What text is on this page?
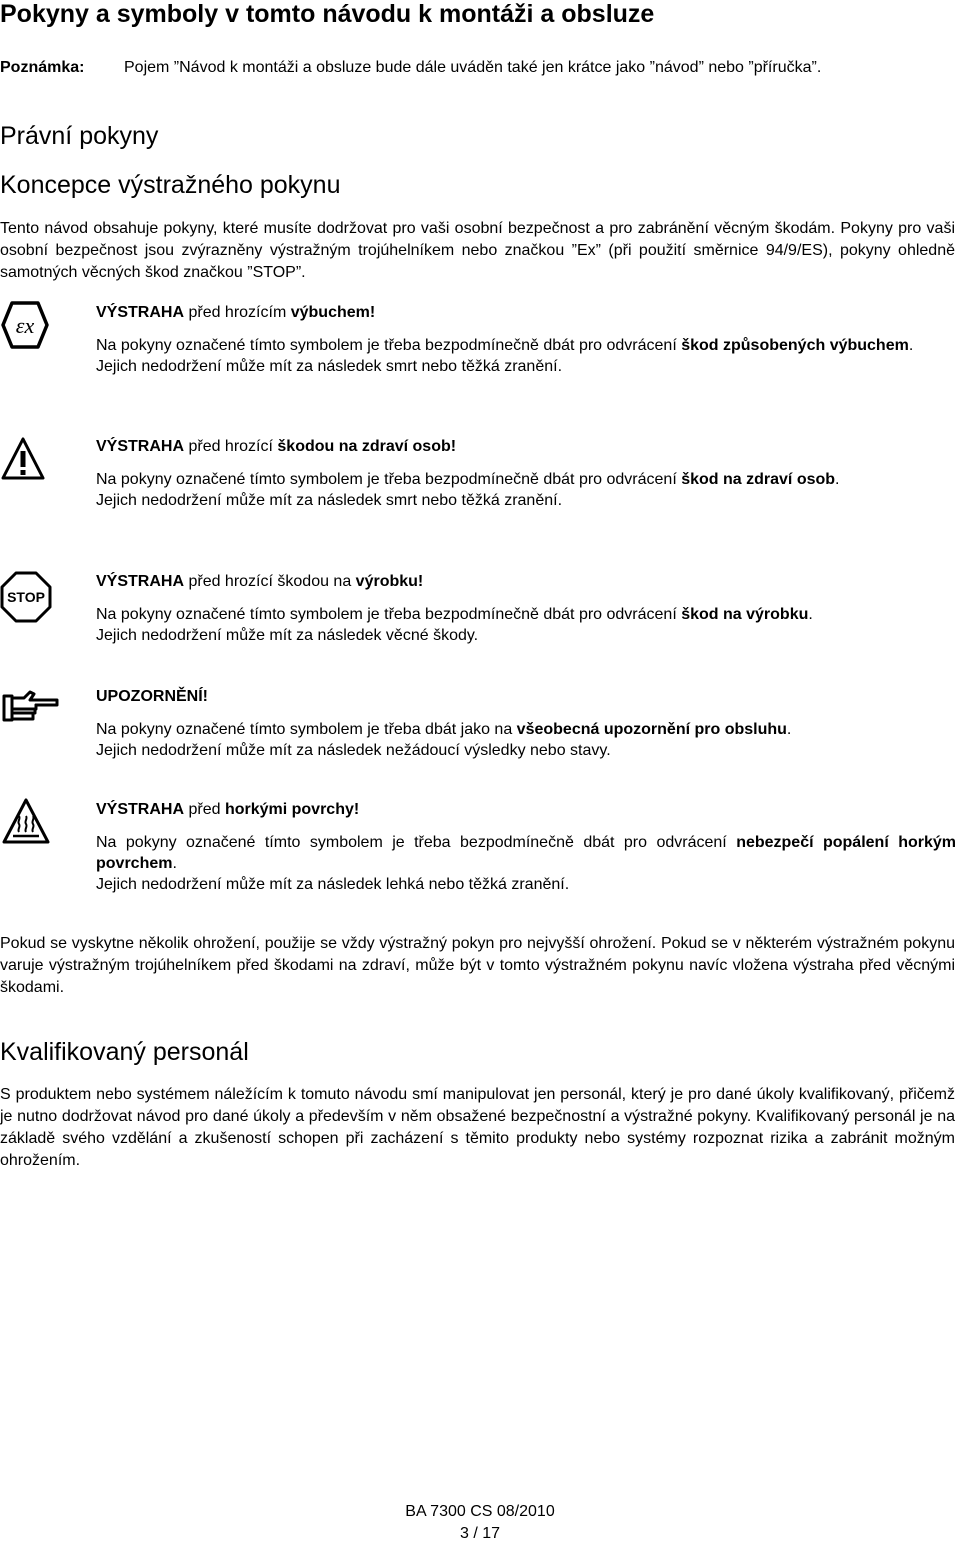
Pokyny a symboly v tomto návodu k montáži a obsluze
Poznámka: Pojem ”Návod k montáži a obsluze bude dále uváděn také jen krátce jako ”návod” nebo ”příručka”.
Právní pokyny
Koncepce výstražného pokynu

Tento návod obsahuje pokyny, které musíte dodržovat pro vaši osobní bezpečnost a pro zabránění věcným škodám. Pokyny pro vaši osobní bezpečnost jsou zvýrazněny výstražným trojúhelníkem nebo značkou ”Ex” (při použití směrnice 94/9/ES), pokyny ohledně samotných věcných škod značkou ”STOP”.

εx

VÝSTRAHA před hrozícím výbuchem!

Na pokyny označené tímto symbolem je třeba bezpodmínečně dbát pro odvrácení škod způsobených výbuchem.
Jejich nedodržení může mít za následek smrt nebo těžká zranění.

VÝSTRAHA před hrozící škodou na zdraví osob!

Na pokyny označené tímto symbolem je třeba bezpodmínečně dbát pro odvrácení škod na zdraví osob.
Jejich nedodržení může mít za následek smrt nebo těžká zranění.

STOP

VÝSTRAHA před hrozící škodou na výrobku!

Na pokyny označené tímto symbolem je třeba bezpodmínečně dbát pro odvrácení škod na výrobku.
Jejich nedodržení může mít za následek věcné škody.

UPOZORNĚNÍ!

Na pokyny označené tímto symbolem je třeba dbát jako na všeobecná upozornění pro obsluhu.
Jejich nedodržení může mít za následek nežádoucí výsledky nebo stavy.

VÝSTRAHA před horkými povrchy!

Na pokyny označené tímto symbolem je třeba bezpodmínečně dbát pro odvrácení nebezpečí popálení horkým povrchem.
Jejich nedodržení může mít za následek lehká nebo těžká zranění.

Pokud se vyskytne několik ohrožení, použije se vždy výstražný pokyn pro nejvyšší ohrožení. Pokud se v některém výstražném pokynu varuje výstražným trojúhelníkem před škodami na zdraví, může být v tomto výstražném pokynu navíc vložena výstraha před věcnými škodami.

Kvalifikovaný personál

S produktem nebo systémem náležícím k tomuto návodu smí manipulovat jen personál, který je pro dané úkoly kvalifikovaný, přičemž je nutno dodržovat návod pro dané úkoly a především v něm obsažené bezpečnostní a výstražné pokyny. Kvalifikovaný personál je na základě svého vzdělání a zkušeností schopen při zacházení s těmito produkty nebo systémy rozpoznat rizika a zabránit možným ohrožením.

BA 7300 CS 08/2010
3 / 17
